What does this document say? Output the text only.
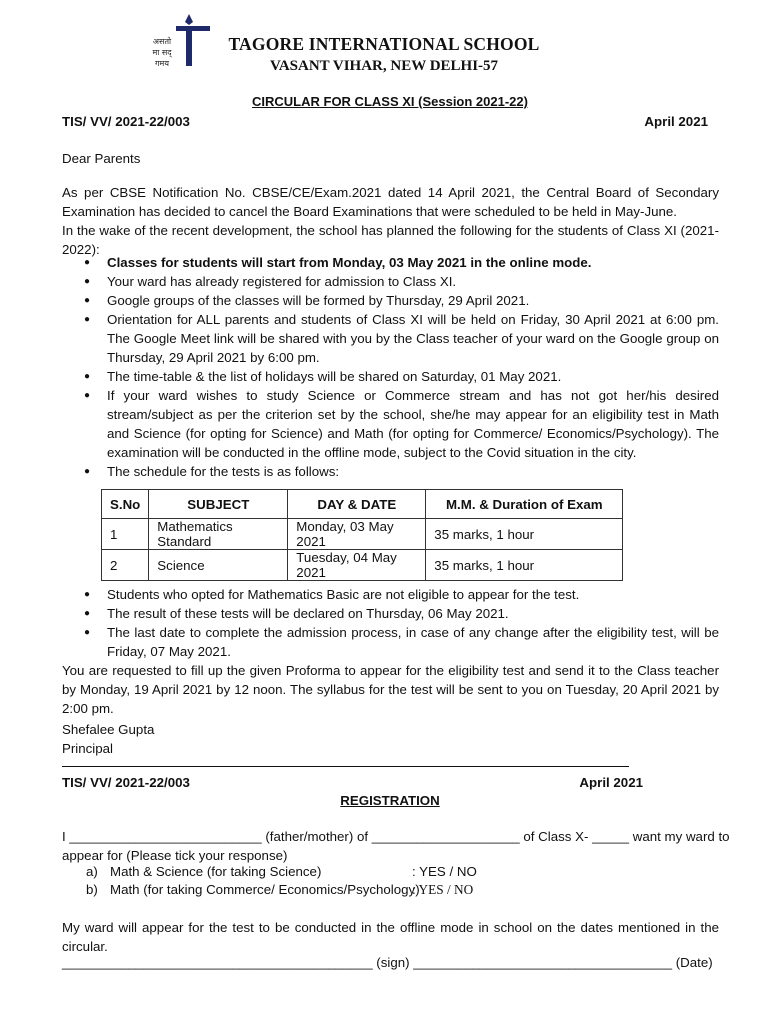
असतो
मा सद्
गमय
TAGORE INTERNATIONAL SCHOOL
VASANT VIHAR, NEW DELHI-57
CIRCULAR FOR CLASS XI (Session 2021-22)
TIS/ VV/ 2021-22/003	April 2021
Dear Parents
As per CBSE Notification No. CBSE/CE/Exam.2021 dated 14 April 2021, the Central Board of Secondary Examination has decided to cancel the Board Examinations that were scheduled to be held in May-June.
In the wake of the recent development, the school has planned the following for the students of Class XI (2021-2022):
● Classes for students will start from Monday, 03 May 2021 in the online mode.
● Your ward has already registered for admission to Class XI.
● Google groups of the classes will be formed by Thursday, 29 April 2021.
● Orientation for ALL parents and students of Class XI will be held on Friday, 30 April 2021 at 6:00 pm. The Google Meet link will be shared with you by the Class teacher of your ward on the Google group on Thursday, 29 April 2021 by 6:00 pm.
● The time-table & the list of holidays will be shared on Saturday, 01 May 2021.
● If your ward wishes to study Science or Commerce stream and has not got her/his desired stream/subject as per the criterion set by the school, she/he may appear for an eligibility test in Math and Science (for opting for Science) and Math (for opting for Commerce/ Economics/Psychology). The examination will be conducted in the offline mode, subject to the Covid situation in the city.
● The schedule for the tests is as follows:
S.No	SUBJECT	DAY & DATE	M.M. & Duration of Exam
1	Mathematics Standard	Monday, 03 May 2021	35 marks, 1 hour
2	Science	Tuesday, 04 May 2021	35 marks, 1 hour
● Students who opted for Mathematics Basic are not eligible to appear for the test.
● The result of these tests will be declared on Thursday, 06 May 2021.
● The last date to complete the admission process, in case of any change after the eligibility test, will be Friday, 07 May 2021.
You are requested to fill up the given Proforma to appear for the eligibility test and send it to the Class teacher by Monday, 19 April 2021 by 12 noon. The syllabus for the test will be sent to you on Tuesday, 20 April 2021 by 2:00 pm.
Shefalee Gupta
Principal
TIS/ VV/ 2021-22/003	April 2021
REGISTRATION
I __________________________ (father/mother) of ____________________ of Class X- _____ want my ward to
appear for (Please tick your response)
a) Math & Science (for taking Science)	: YES / NO
b) Math (for taking Commerce/ Economics/Psychology)
: YES / NO
My ward will appear for the test to be conducted in the offline mode in school on the dates mentioned in the circular.
__________________________________________ (sign) ___________________________________ (Date)
